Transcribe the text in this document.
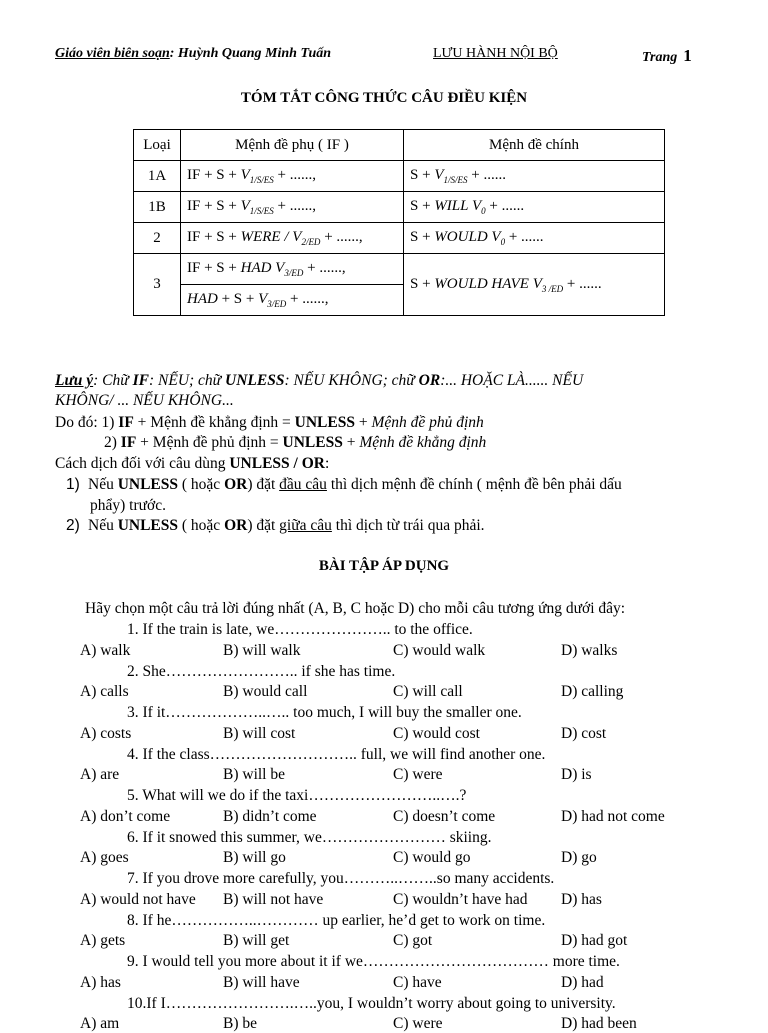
Giáo viên biên soạn: Huỳnh Quang Minh Tuấn	LƯU HÀNH NỘI BỘ	Trang 1
TÓM TẮT CÔNG THỨC CÂU ĐIỀU KIỆN
Loại	Mệnh đề phụ ( IF )	Mệnh đề chính
1A	IF + $S + V_{1/S/ES}$ + ......,	$S + V_{1/S/ES}$ + ......
1B	IF + $S + V_{1/S/ES}$ + ......,	S + WILL $V_0$ + ......
2	IF + S + WERE / $V_{2/ED}$ + ......,	S + WOULD $V_0$ + ......
3	IF + S + HAD $V_{3/ED}$ + ......,	S + WOULD HAVE $V_{3 /ED}$ + ......
	HAD + $S + V_{3/ED}$ + ......,	
Lưu ý: Chữ IF: NẾU; chữ UNLESS: NẾU KHÔNG; chữ OR:... HOẶC LÀ...... NẾU
KHÔNG/ ... NẾU KHÔNG...
Do đó: 1) IF + Mệnh đề khẳng định = UNLESS + Mệnh đề phủ định
2) IF + Mệnh đề phủ định = UNLESS + Mệnh đề khẳng định
Cách dịch đối với câu dùng UNLESS / OR:
1) Nếu UNLESS ( hoặc OR) đặt đầu câu thì dịch mệnh đề chính ( mệnh đề bên phải dấu
phẩy) trước.
2) Nếu UNLESS ( hoặc OR) đặt giữa câu thì dịch từ trái qua phải.
BÀI TẬP ÁP DỤNG
Hãy chọn một câu trả lời đúng nhất (A, B, C hoặc D) cho mỗi câu tương ứng dưới đây:
1. If the train is late, we………………….. to the office.
A) walk	B) will walk	C) would walk	D) walks
2. She…………………….. if she has time.
A) calls	B) would call	C) will call	D) calling
3. If it………………..….. too much, I will buy the smaller one.
A) costs	B) will cost	C) would cost	D) cost
4. If the class……………………….. full, we will find another one.
A) are	B) will be	C) were	D) is
5. What will we do if the taxi……………………..….?
A) don’t come	B) didn’t come	C) doesn’t come	D) had not come
6. If it snowed this summer, we…………………… skiing.
A) goes	B) will go	C) would go	D) go
7. If you drove more carefully, you………..……..so many accidents.
A) would not have B) will not have	C) wouldn’t have had D) has
8. If he……………..………… up earlier, he’d get to work on time.
A) gets	B) will get	C) got	D) had got
9. I would tell you more about it if we……………………………… more time.
A) has	B) will have	C) have	D) had
10.If I…………………….…..you, I wouldn’t worry about going to university.
A) am	B) be	C) were	D) had been
